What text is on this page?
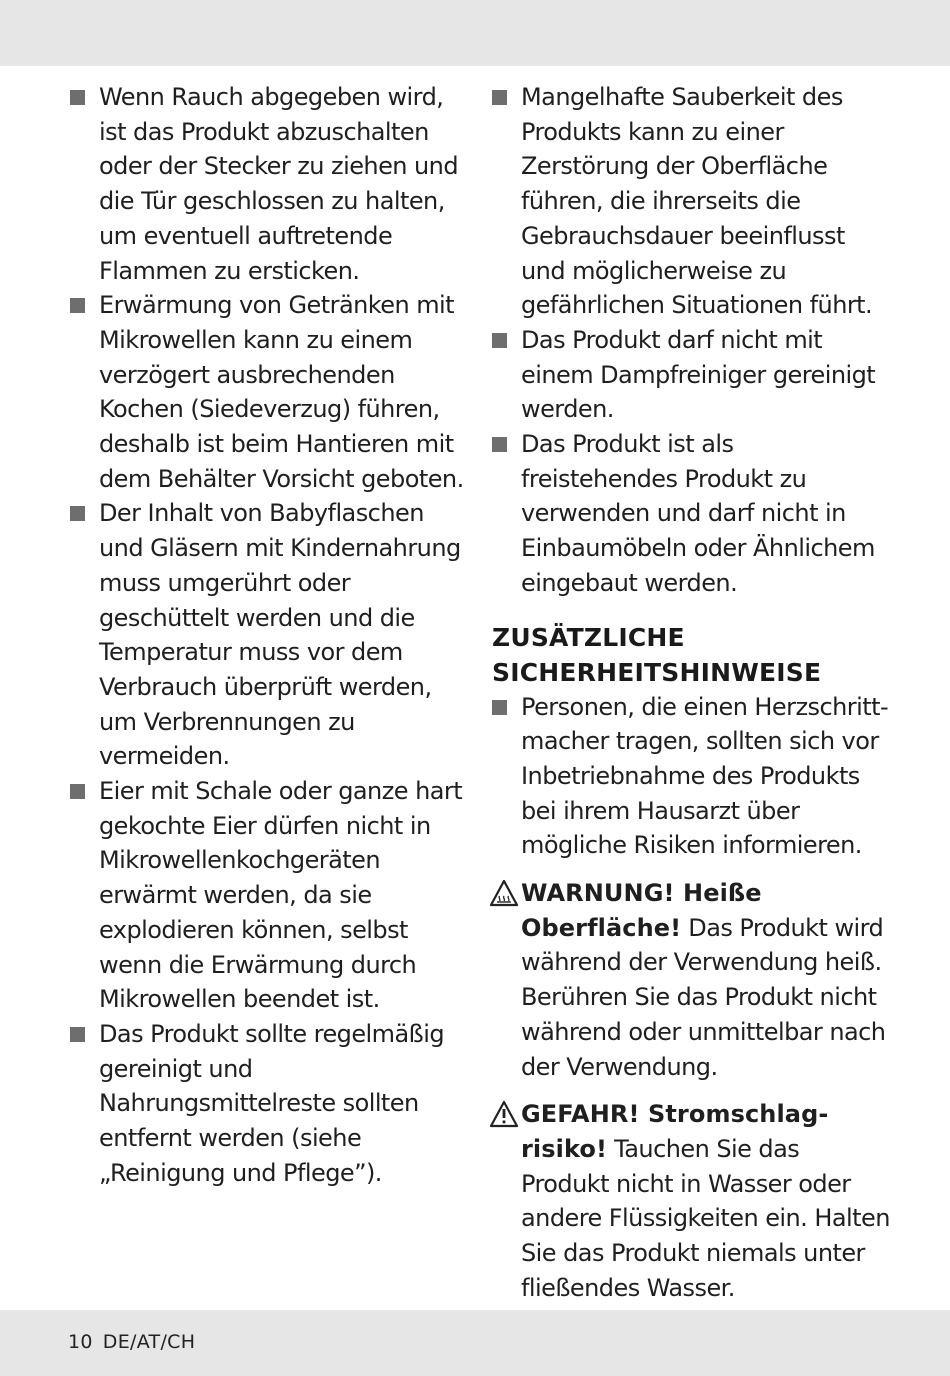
Wenn Rauch abgegeben wird, ist das Produkt abzuschalten oder der Stecker zu ziehen und die Tür geschlossen zu halten, um eventuell auftretende Flammen zu ersticken.
Erwärmung von Getränken mit Mikrowellen kann zu einem verzögert ausbrechenden Kochen (Siedeverzug) führen, deshalb ist beim Hantieren mit dem Behälter Vorsicht geboten.
Der Inhalt von Babyflaschen und Gläsern mit Kindernahrung muss umgerührt oder geschüttelt werden und die Temperatur muss vor dem Verbrauch überprüft werden, um Verbrennungen zu vermeiden.
Eier mit Schale oder ganze hart gekochte Eier dürfen nicht in Mikrowellenkochgeräten erwärmt werden, da sie explodieren können, selbst wenn die Erwärmung durch Mikrowellen beendet ist.
Das Produkt sollte regelmäßig gereinigt und Nahrungsmittelreste sollten entfernt werden (siehe „Reinigung und Pflege”).
Mangelhafte Sauberkeit des Produkts kann zu einer Zerstörung der Oberfläche führen, die ihrerseits die Gebrauchsdauer beeinflusst und möglicherweise zu gefährlichen Situationen führt.
Das Produkt darf nicht mit einem Dampfreiniger gereinigt werden.
Das Produkt ist als freistehendes Produkt zu verwenden und darf nicht in Einbaumöbeln oder Ähnlichem eingebaut werden.
ZUSÄTZLICHE
SICHERHEITSHINWEISE
Personen, die einen Herzschrittmacher tragen, sollten sich vor Inbetriebnahme des Produkts bei ihrem Hausarzt über mögliche Risiken informieren.
WARNUNG! Heiße Oberfläche! Das Produkt wird während der Verwendung heiß. Berühren Sie das Produkt nicht während oder unmittelbar nach der Verwendung.
GEFAHR! Stromschlagrisiko! Tauchen Sie das Produkt nicht in Wasser oder andere Flüssigkeiten ein. Halten Sie das Produkt niemals unter fließendes Wasser.
10 DE/AT/CH
